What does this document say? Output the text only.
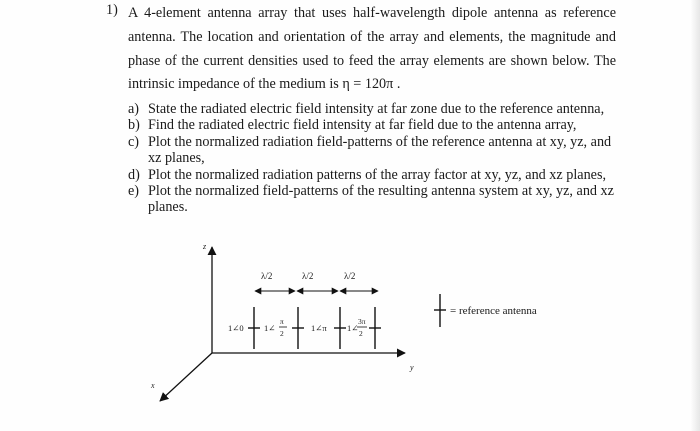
1) A 4-element antenna array that uses half-wavelength dipole antenna as reference
antenna. The location and orientation of the array and elements, the magnitude and
phase of the current densities used to feed the array elements are shown below. The
intrinsic impedance of the medium is η = 120π .
a) State the radiated electric field intensity at far zone due to the reference antenna,
b) Find the radiated electric field intensity at far field due to the antenna array,
c) Plot the normalized radiation field-patterns of the reference antenna at xy, yz, and xz planes,
d) Plot the normalized radiation patterns of the array factor at xy, yz, and xz planes,
e) Plot the normalized field-patterns of the resulting antenna system at xy, yz, and xz planes.
z
y
x
λ/2	λ/2	λ/2
1∠0 1∠
π
2
1∠π 1∠
3π
2
= reference antenna
